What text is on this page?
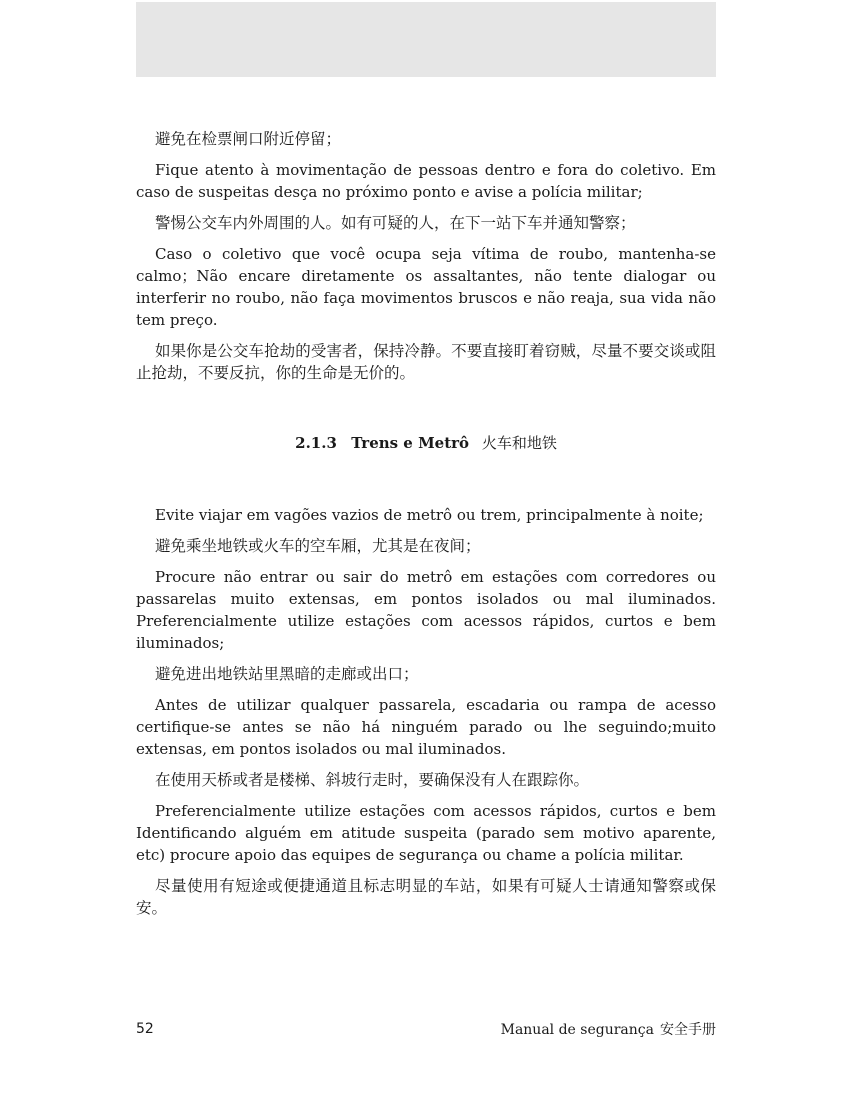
避免在检票闸口附近停留；

Fique atento à movimentação de pessoas dentro e fora do coletivo. Em caso de suspeitas desça no próximo ponto e avise a polícia militar;

警惕公交车内外周围的人。如有可疑的人，在下一站下车并通知警察；

Caso o coletivo que você ocupa seja vítima de roubo, mantenha-se calmo；Não encare diretamente os assaltantes, não tente dialogar ou interferir no roubo, não faça movimentos bruscos e não reaja, sua vida não tem preço.

如果你是公交车抢劫的受害者，保持冷静。不要直接盯着窃贼，尽量不要交谈或阻止抢劫，不要反抗，你的生命是无价的。

2.1.3 Trens e Metrô 火车和地铁

Evite viajar em vagões vazios de metrô ou trem, principalmente à noite;

避免乘坐地铁或火车的空车厢，尤其是在夜间；

Procure não entrar ou sair do metrô em estações com corredores ou passarelas muito extensas, em pontos isolados ou mal iluminados. Preferencialmente utilize estações com acessos rápidos, curtos e bem iluminados;

避免进出地铁站里黑暗的走廊或出口；

Antes de utilizar qualquer passarela, escadaria ou rampa de acesso certifique-se antes se não há ninguém parado ou lhe seguindo;muito extensas, em pontos isolados ou mal iluminados.

在使用天桥或者是楼梯、斜坡行走时，要确保没有人在跟踪你。

Preferencialmente utilize estações com acessos rápidos, curtos e bem Identificando alguém em atitude suspeita (parado sem motivo aparente, etc) procure apoio das equipes de segurança ou chame a polícia militar.

尽量使用有短途或便捷通道且标志明显的车站，如果有可疑人士请通知警察或保安。

52	Manual de segurança 安全手册
